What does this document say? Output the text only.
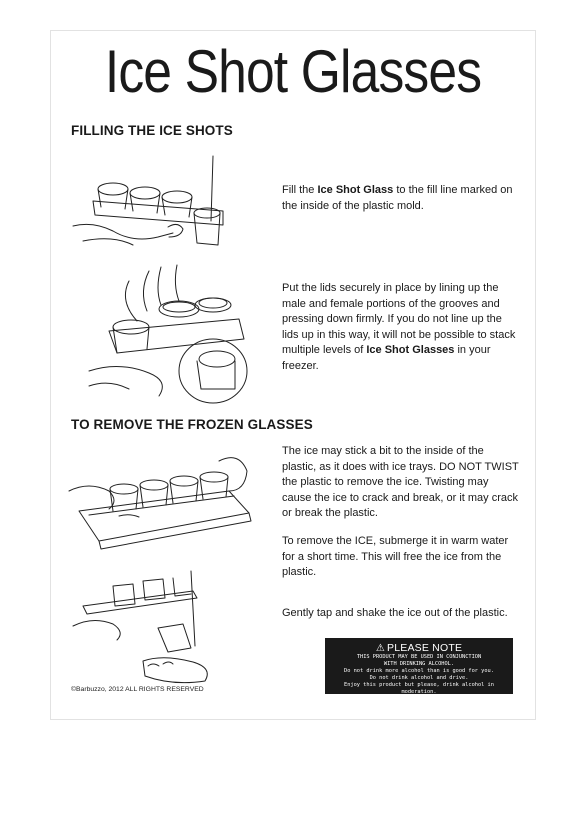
Ice Shot Glasses
FILLING THE ICE SHOTS
Fill the Ice Shot Glass to the fill line marked on the inside of the plastic mold.
Put the lids securely in place by lining up the male and female portions of the grooves and pressing down firmly. If you do not line up the lids up in this way, it will not be possible to stack multiple levels of Ice Shot Glasses in your freezer.
TO REMOVE THE FROZEN GLASSES
The ice may stick a bit to the inside of the plastic, as it does with ice trays. DO NOT TWIST the plastic to remove the ice. Twisting may cause the ice to crack and break, or it may crack or break the plastic.
To remove the ICE, submerge it in warm water for a short time. This will free the ice from the plastic.
Gently tap and shake the ice out of the plastic.
⚠ PLEASE NOTE
THIS PRODUCT MAY BE USED IN CONJUNCTION
WITH DRINKING ALCOHOL.
Do not drink more alcohol than is good for you.
Do not drink alcohol and drive.
Enjoy this product but please, drink alcohol in moderation.
©Barbuzzo, 2012 ALL RIGHTS RESERVED
